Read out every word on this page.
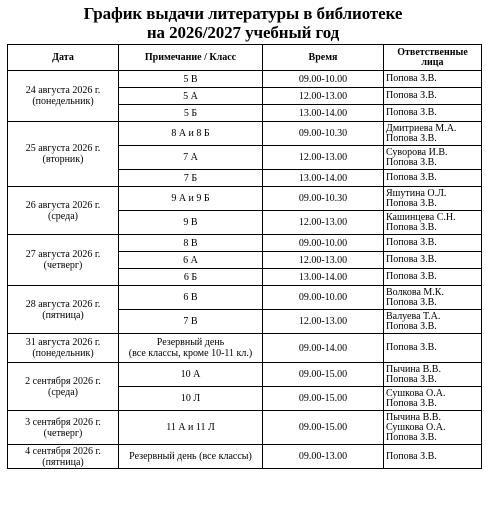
График выдачи литературы в библиотеке
на 2026/2027 учебный год
Дата	Примечание / Класс	Время	Ответственные лица

24 августа 2026 г.
(понедельник)	5 В	09.00-10.00	Попова З.В.

	5 А	12.00-13.00	Попова З.В.

	5 Б	13.00-14.00	Попова З.В.

25 августа 2026 г.
(вторник)	8 А и 8 Б	09.00-10.30	Дмитриева М.А.
Попова З.В.

	7 А	12.00-13.00	Суворова И.В.
Попова З.В.

	7 Б	13.00-14.00	Попова З.В.

26 августа 2026 г.
(среда)	9 А и 9 Б	09.00-10.30	Яшутина О.Л.
Попова З.В.

	9 В	12.00-13.00	Кашинцева С.Н.
Попова З.В.

27 августа 2026 г.
(четверг)	8 В	09.00-10.00	Попова З.В.

	6 А	12.00-13.00	Попова З.В.

	6 Б	13.00-14.00	Попова З.В.

28 августа 2026 г.
(пятница)	6 В	09.00-10.00	Волкова М.К.
Попова З.В.

	7 В	12.00-13.00	Валуева Т.А.
Попова З.В.

31 августа 2026 г.
(понедельник)	Резервный день
(все классы, кроме 10-11 кл.)	09.00-14.00	Попова З.В.

2 сентября 2026 г.
(среда)	10 А	09.00-15.00	Пычина В.В.
Попова З.В.

	10 Л	09.00-15.00	Сушкова О.А.
Попова З.В.

3 сентября 2026 г.
(четверг)	11 А и 11 Л	09.00-15.00	Пычина В.В.
Сушкова О.А.
Попова З.В.

4 сентября 2026 г.
(пятница)	Резервный день (все классы)	09.00-13.00	Попова З.В.
